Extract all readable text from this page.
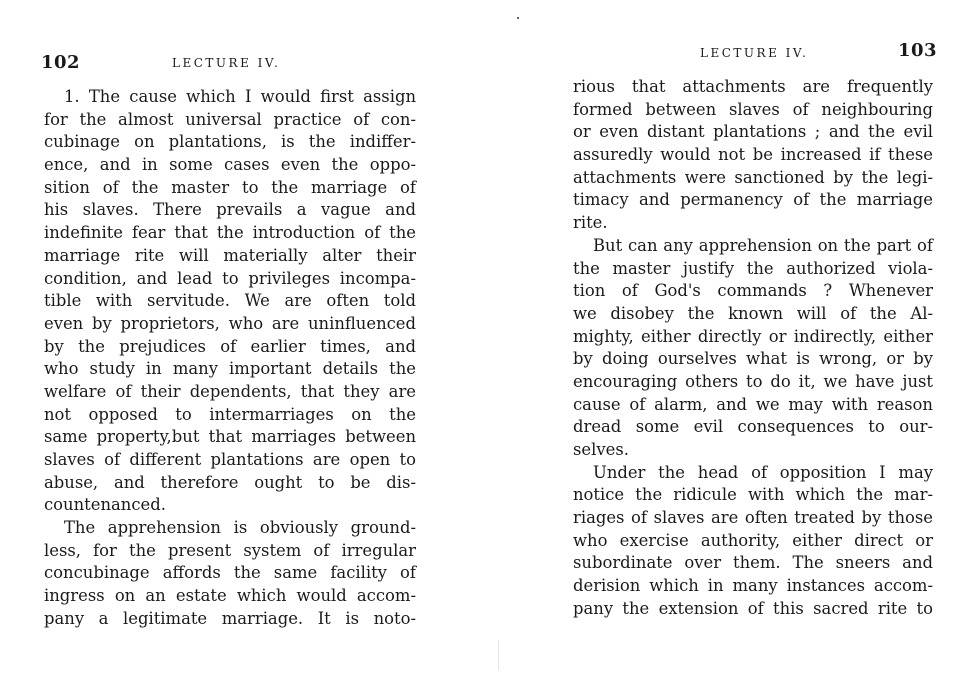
102	LECTURE IV.
1. The cause which I would first assign
for the almost universal practice of con-
cubinage on plantations, is the indiffer-
ence, and in some cases even the oppo-
sition of the master to the marriage of
his slaves. There prevails a vague and
indefinite fear that the introduction of the
marriage rite will materially alter their
condition, and lead to privileges incompa-
tible with servitude. We are often told
even by proprietors, who are uninfluenced
by the prejudices of earlier times, and
who study in many important details the
welfare of their dependents, that they are
not opposed to intermarriages on the
same property,but that marriages between
slaves of different plantations are open to
abuse, and therefore ought to be dis-
countenanced.
The apprehension is obviously ground-
less, for the present system of irregular
concubinage affords the same facility of
ingress on an estate which would accom-
pany a legitimate marriage. It is noto-
LECTURE IV.	103
rious that attachments are frequently
formed between slaves of neighbouring
or even distant plantations ; and the evil
assuredly would not be increased if these
attachments were sanctioned by the legi-
timacy and permanency of the marriage
rite.
But can any apprehension on the part of
the master justify the authorized viola-
tion of God's commands ? Whenever
we disobey the known will of the Al-
mighty, either directly or indirectly, either
by doing ourselves what is wrong, or by
encouraging others to do it, we have just
cause of alarm, and we may with reason
dread some evil consequences to our-
selves.
Under the head of opposition I may
notice the ridicule with which the mar-
riages of slaves are often treated by those
who exercise authority, either direct or
subordinate over them. The sneers and
derision which in many instances accom-
pany the extension of this sacred rite to
